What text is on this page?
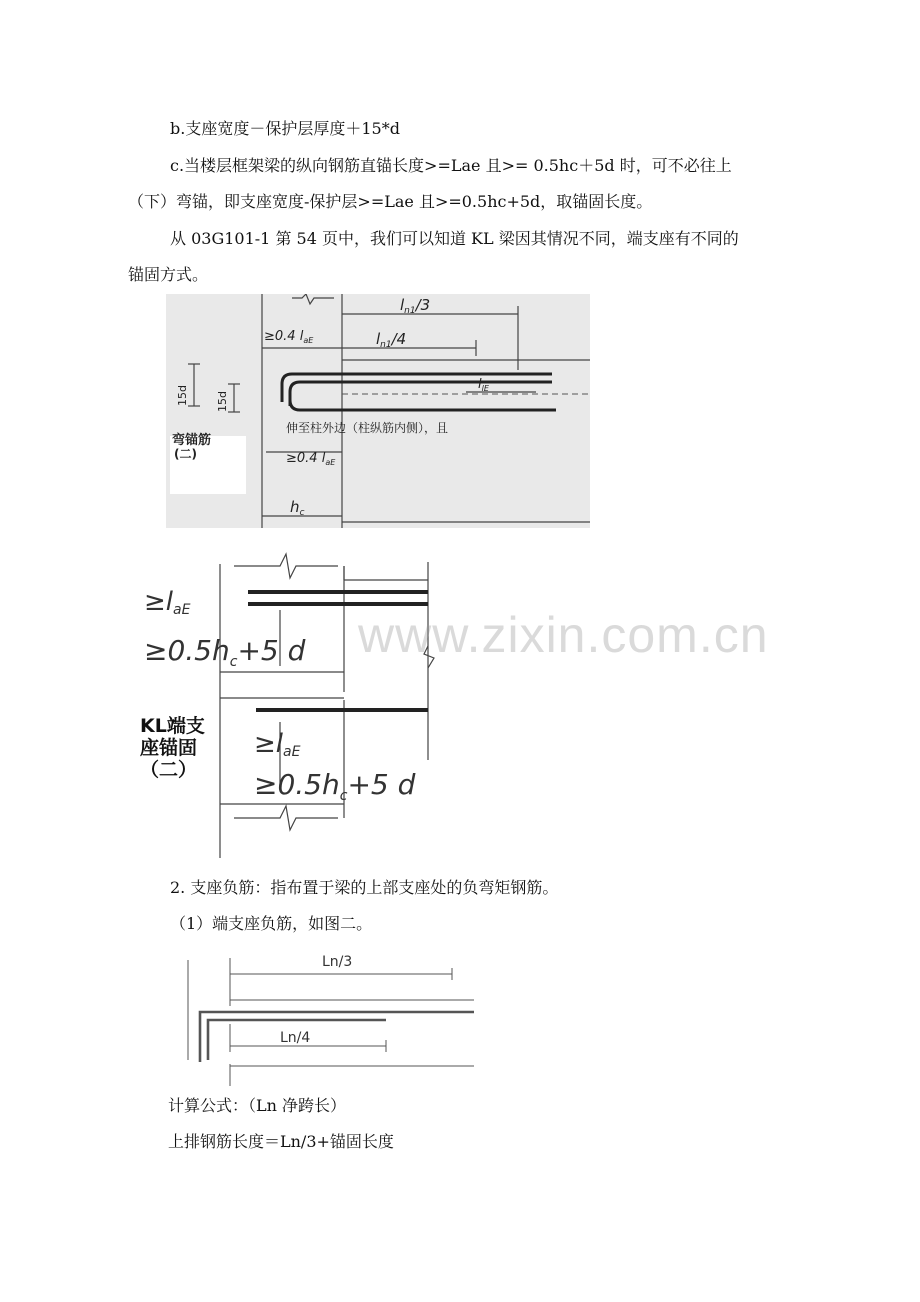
b.支座宽度－保护层厚度＋15*d
c.当楼层框架梁的纵向钢筋直锚长度>=Lae 且>= 0.5hc＋5d 时，可不必往上
（下）弯锚，即支座宽度-保护层>=Lae 且>=0.5hc+5d，取锚固长度。
从 03G101-1 第 54 页中，我们可以知道 KL 梁因其情况不同，端支座有不同的
锚固方式。
$l_{n1}/3$
$l_{n1}/4$
≥0.4 $l_{aE}$
$l_{lE}$
≥0.4 $l_{aE}$
$h_c$
15d 15d
弯锚筋
(二)
伸至柱外边（柱纵筋内侧），且
≥laE
$\ge 0.5h_c+5$ d
≥laE
$\ge 0.5h_c+5$ d
KL端支
座锚固
（二）
www.zixin.com.cn
2. 支座负筋：指布置于梁的上部支座处的负弯矩钢筋。
（1）端支座负筋，如图二。
Ln/3
Ln/4
计算公式：（Ln 净跨长）
上排钢筋长度＝Ln/3+锚固长度
